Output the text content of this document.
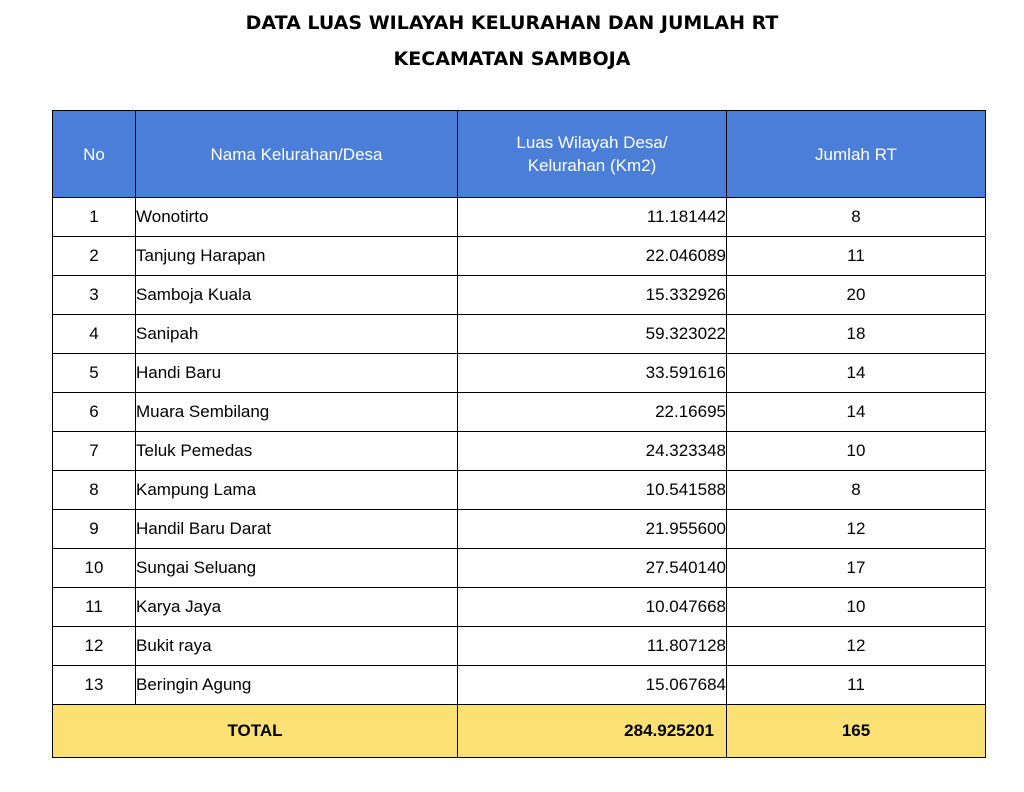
DATA LUAS WILAYAH KELURAHAN DAN JUMLAH RT
KECAMATAN SAMBOJA
No	Nama Kelurahan/Desa	Luas Wilayah Desa/
Kelurahan (Km2)	Jumlah RT
1	Wonotirto	11.181442	8
2	Tanjung Harapan	22.046089	11
3	Samboja Kuala	15.332926	20
4	Sanipah	59.323022	18
5	Handi Baru	33.591616	14
6	Muara Sembilang	22.16695	14
7	Teluk Pemedas	24.323348	10
8	Kampung Lama	10.541588	8
9	Handil Baru Darat	21.955600	12
10	Sungai Seluang	27.540140	17
11	Karya Jaya	10.047668	10
12	Bukit raya	11.807128	12
13	Beringin Agung	15.067684	11
TOTAL		284.925201	165
